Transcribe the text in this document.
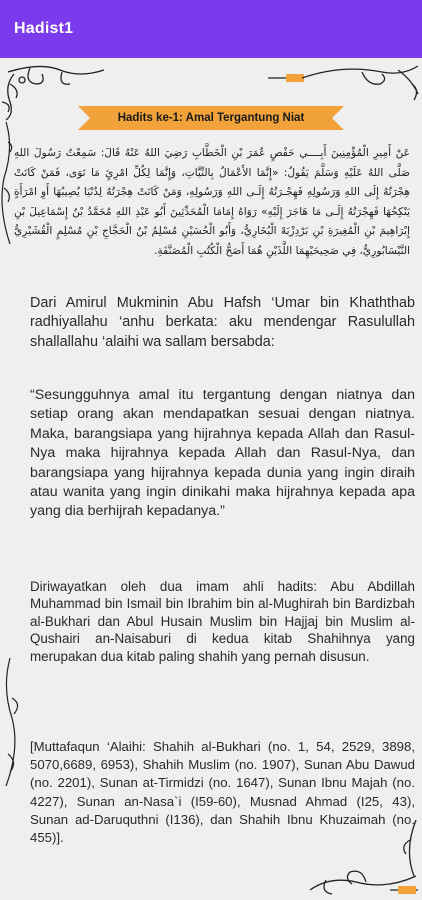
Hadist1
Hadits ke-1: Amal Tergantung Niat
عَنْ أَمِيرِ الْمُؤْمِنِينَ أَبِــــي حَفْصٍ عُمَرَ بْنِ الْخَطَّابِ رَضِيَ اللهُ عَنْهُ قَالَ: سَمِعْتُ رَسُولَ اللهِ صَلَّى اللهُ عَلَيْهِ وَسَلَّمَ يَقُولُ: «إِنَّمَا الأَعْمَالُ بِالنِّيَّاتِ، وَإِنَّمَا لِكُلِّ امْرِئٍ مَا نَوَى، فَمَنْ كَانَتْ هِجْرَتُهُ إِلَى اللهِ وَرَسُولِهِ فَهِجْـرَتُهُ إِلَـى اللهِ وَرَسُولِهِ، وَمَنْ كَانَتْ هِجْرَتُهُ لِدُنْيَا يُصِيبُهَا أَوِ امْرَأَةٍ يَنْكِحُهَا فَهِجْرَتُهُ إِلَـى مَا هَاجَرَ إِلَيْهِ» رَوَاهُ إِمَامَا الْمُحَدِّثِينَ أَبُو عَبْدِ اللهِ مُحَمَّدُ بْنُ إِسْمَاعِيلَ بْنِ إِبْرَاهِيمَ بْنِ الْمُغِيرَةِ بْنِ بَرْدِزْبَهْ الْبُخَارِيُّ، وَأَبُو الْحُسَيْنِ مُسْلِمُ بْنُ الْحَجَّاجِ بْنِ مُسْلِمٍ الْقُشَيْرِيُّ النَّيْسَابُورِيُّ، فِي صَحِيحَيْهِمَا اللَّذَيْنِ هُمَا أَصَحُّ الْكُتُبِ الْمُصَنَّفَةِ.
Dari Amirul Mukminin Abu Hafsh ‘Umar bin Khaththab radhiyallahu ‘anhu berkata: aku mendengar Rasulullah shallallahu ‘alaihi wa sallam bersabda:
“Sesungguhnya amal itu tergantung dengan niatnya dan setiap orang akan mendapatkan sesuai dengan niatnya. Maka, barangsiapa yang hijrahnya kepada Allah dan Rasul-Nya maka hijrahnya kepada Allah dan Rasul-Nya, dan barangsiapa yang hijrahnya kepada dunia yang ingin diraih atau wanita yang ingin dinikahi maka hijrahnya kepada apa yang dia berhijrah kepadanya.”
Diriwayatkan oleh dua imam ahli hadits: Abu Abdillah Muhammad bin Ismail bin Ibrahim bin al-Mughirah bin Bardizbah al-Bukhari dan Abul Husain Muslim bin Hajjaj bin Muslim al-Qushairi an-Naisaburi di kedua kitab Shahihnya yang merupakan dua kitab paling shahih yang pernah disusun.
[Muttafaqun ‘Alaihi: Shahih al-Bukhari (no. 1, 54, 2529, 3898, 5070,6689, 6953), Shahih Muslim (no. 1907), Sunan Abu Dawud (no. 2201), Sunan at-Tirmidzi (no. 1647), Sunan Ibnu Majah (no. 4227), Sunan an-Nasa`i (I59-60), Musnad Ahmad (I25, 43), Sunan ad-Daruquthni (I136), dan Shahih Ibnu Khuzaimah (no. 455)].
